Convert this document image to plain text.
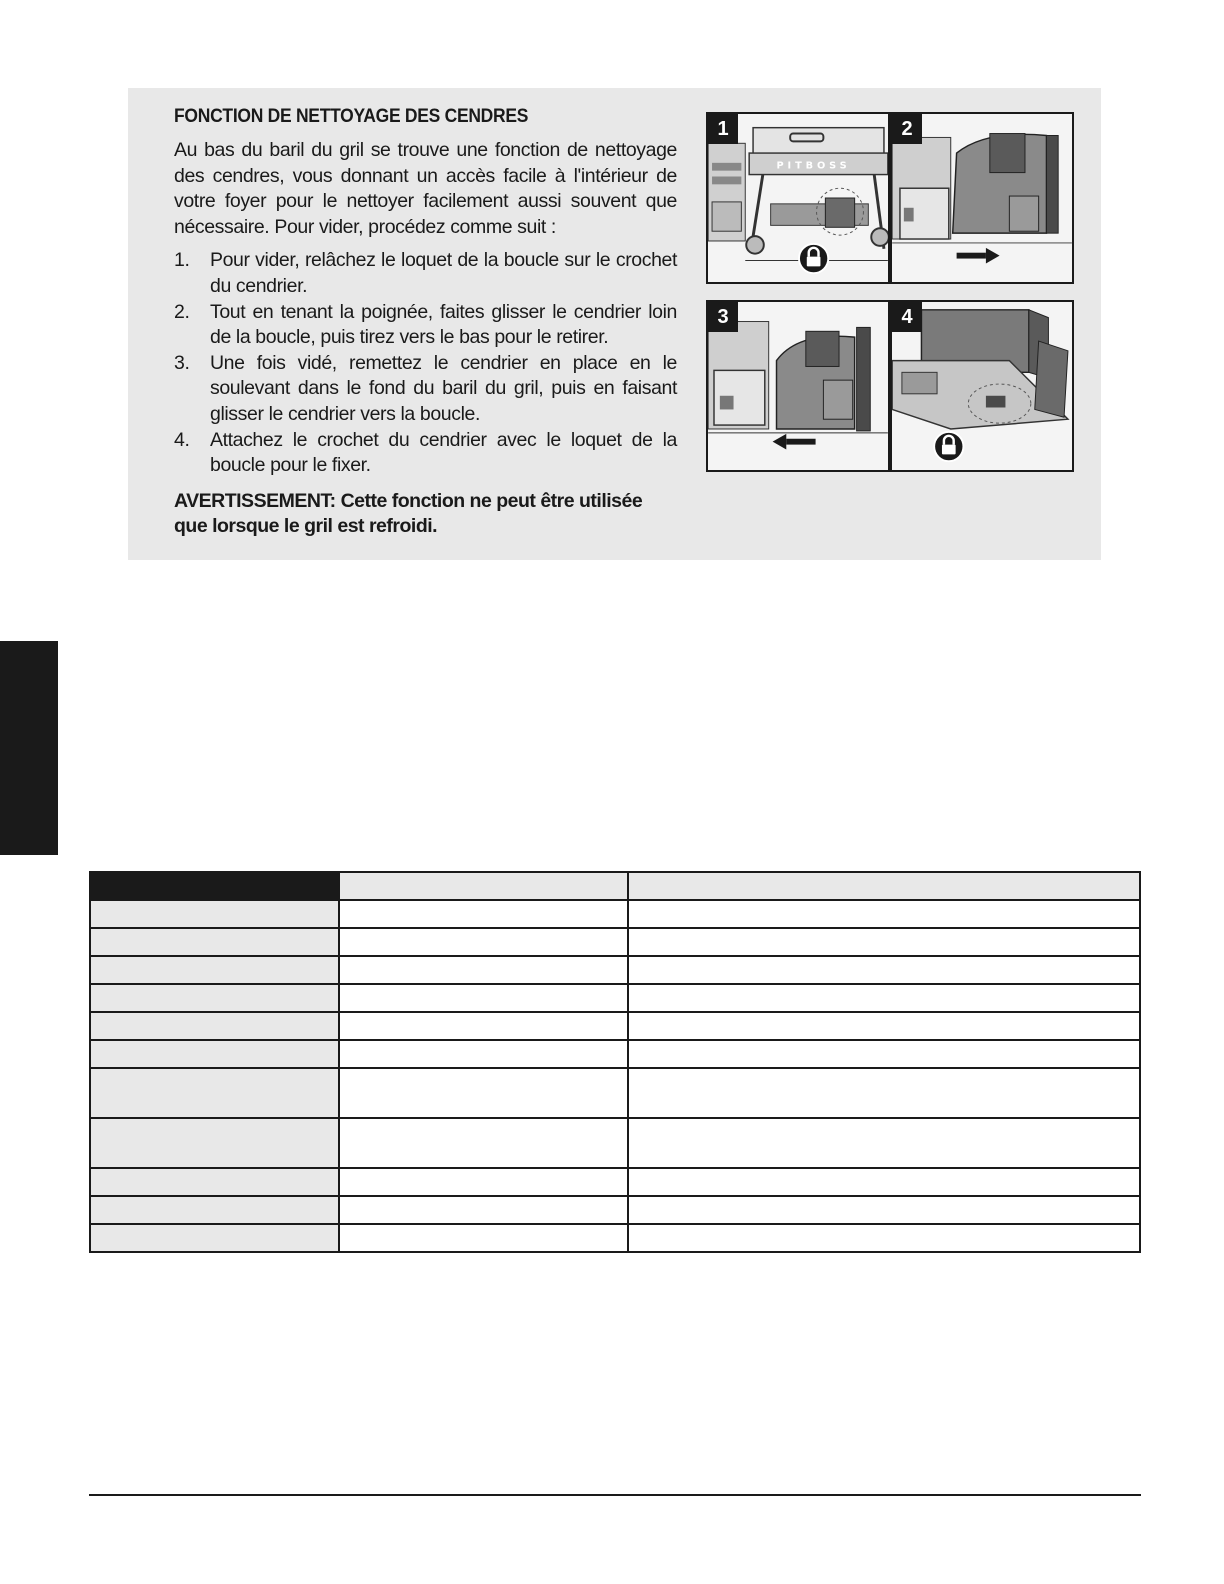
FONCTION DE NETTOYAGE DES CENDRES

Au bas du baril du gril se trouve une fonction de nettoyage des cendres, vous donnant un accès facile à l'intérieur de votre foyer pour le nettoyer facilement aussi souvent que nécessaire. Pour vider, procédez comme suit :

1. Pour vider, relâchez le loquet de la boucle sur le crochet du cendrier.
2. Tout en tenant la poignée, faites glisser le cendrier loin de la boucle, puis tirez vers le bas pour le retirer.
3. Une fois vidé, remettez le cendrier en place en le soulevant dans le fond du baril du gril, puis en faisant glisser le cendrier vers la boucle.
4. Attachez le crochet du cendrier avec le loquet de la boucle pour le fixer.
AVERTISSEMENT: Cette fonction ne peut être utilisée que lorsque le gril est refroidi.
1
PITBOSS
2
3	4
